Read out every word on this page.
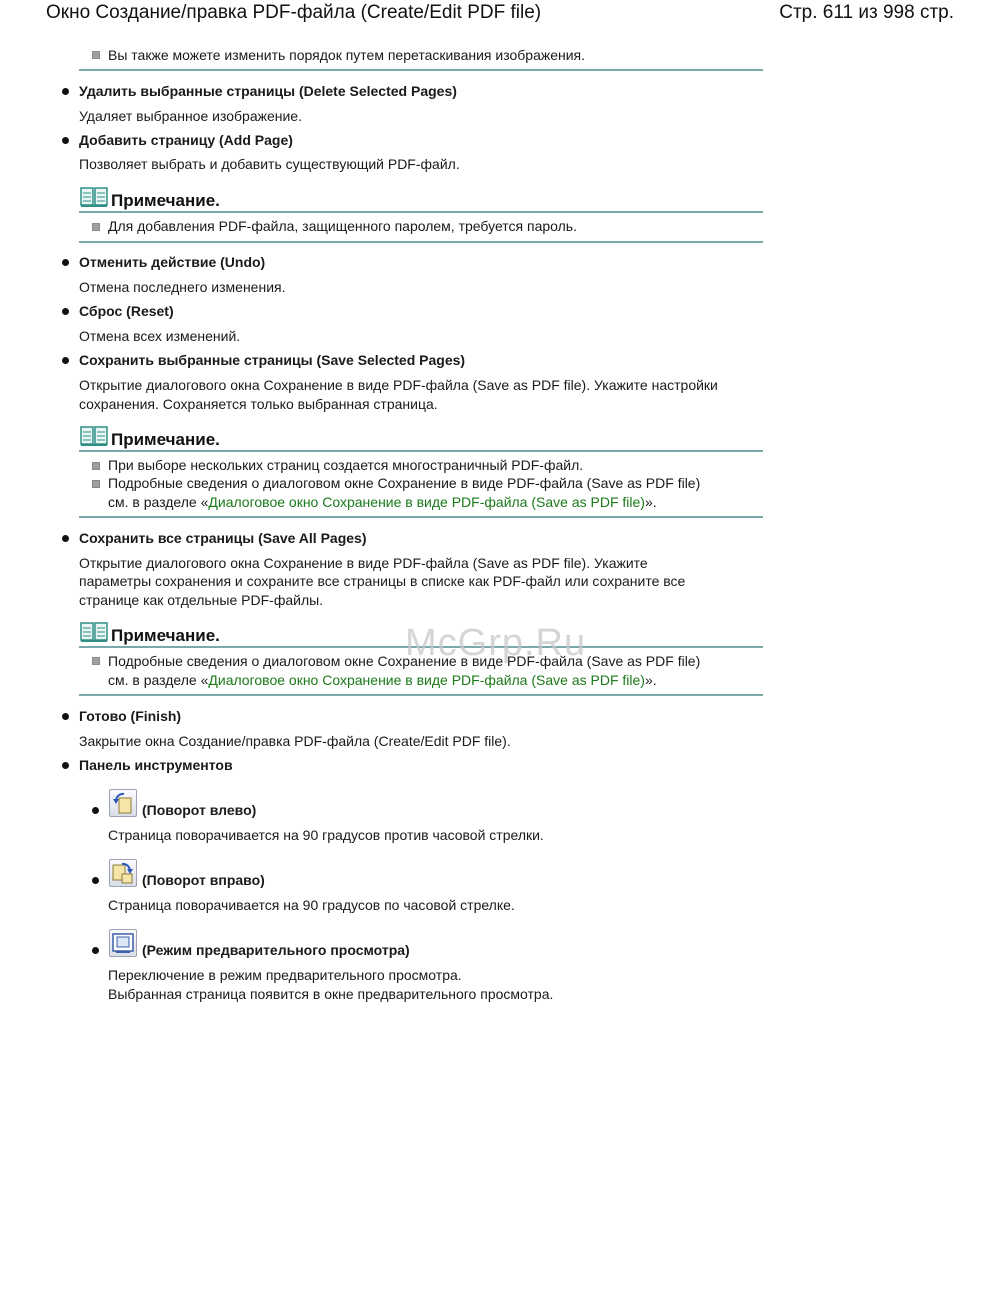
Окно Создание/правка PDF-файла (Create/Edit PDF file)	Стр. 611 из 998 стр.
Вы также можете изменить порядок путем перетаскивания изображения.
Удалить выбранные страницы (Delete Selected Pages)
Удаляет выбранное изображение.
Добавить страницу (Add Page)
Позволяет выбрать и добавить существующий PDF-файл.
Примечание.
Для добавления PDF-файла, защищенного паролем, требуется пароль.
Отменить действие (Undo)
Отмена последнего изменения.
Сброс (Reset)
Отмена всех изменений.
Сохранить выбранные страницы (Save Selected Pages)
Открытие диалогового окна Сохранение в виде PDF-файла (Save as PDF file). Укажите настройки
сохранения. Сохраняется только выбранная страница.
Примечание.
При выборе нескольких страниц создается многостраничный PDF-файл.
Подробные сведения о диалоговом окне Сохранение в виде PDF-файла (Save as PDF file)
см. в разделе «Диалоговое окно Сохранение в виде PDF-файла (Save as PDF file)».
Сохранить все страницы (Save All Pages)
Открытие диалогового окна Сохранение в виде PDF-файла (Save as PDF file). Укажите
параметры сохранения и сохраните все страницы в списке как PDF-файл или сохраните все
странице как отдельные PDF-файлы.
Примечание.
Подробные сведения о диалоговом окне Сохранение в виде PDF-файла (Save as PDF file)
см. в разделе «Диалоговое окно Сохранение в виде PDF-файла (Save as PDF file)».
McGrp.Ru
Готово (Finish)
Закрытие окна Создание/правка PDF-файла (Create/Edit PDF file).
Панель инструментов
(Поворот влево)
Страница поворачивается на 90 градусов против часовой стрелки.
(Поворот вправо)
Страница поворачивается на 90 градусов по часовой стрелке.
(Режим предварительного просмотра)
Переключение в режим предварительного просмотра.
Выбранная страница появится в окне предварительного просмотра.
